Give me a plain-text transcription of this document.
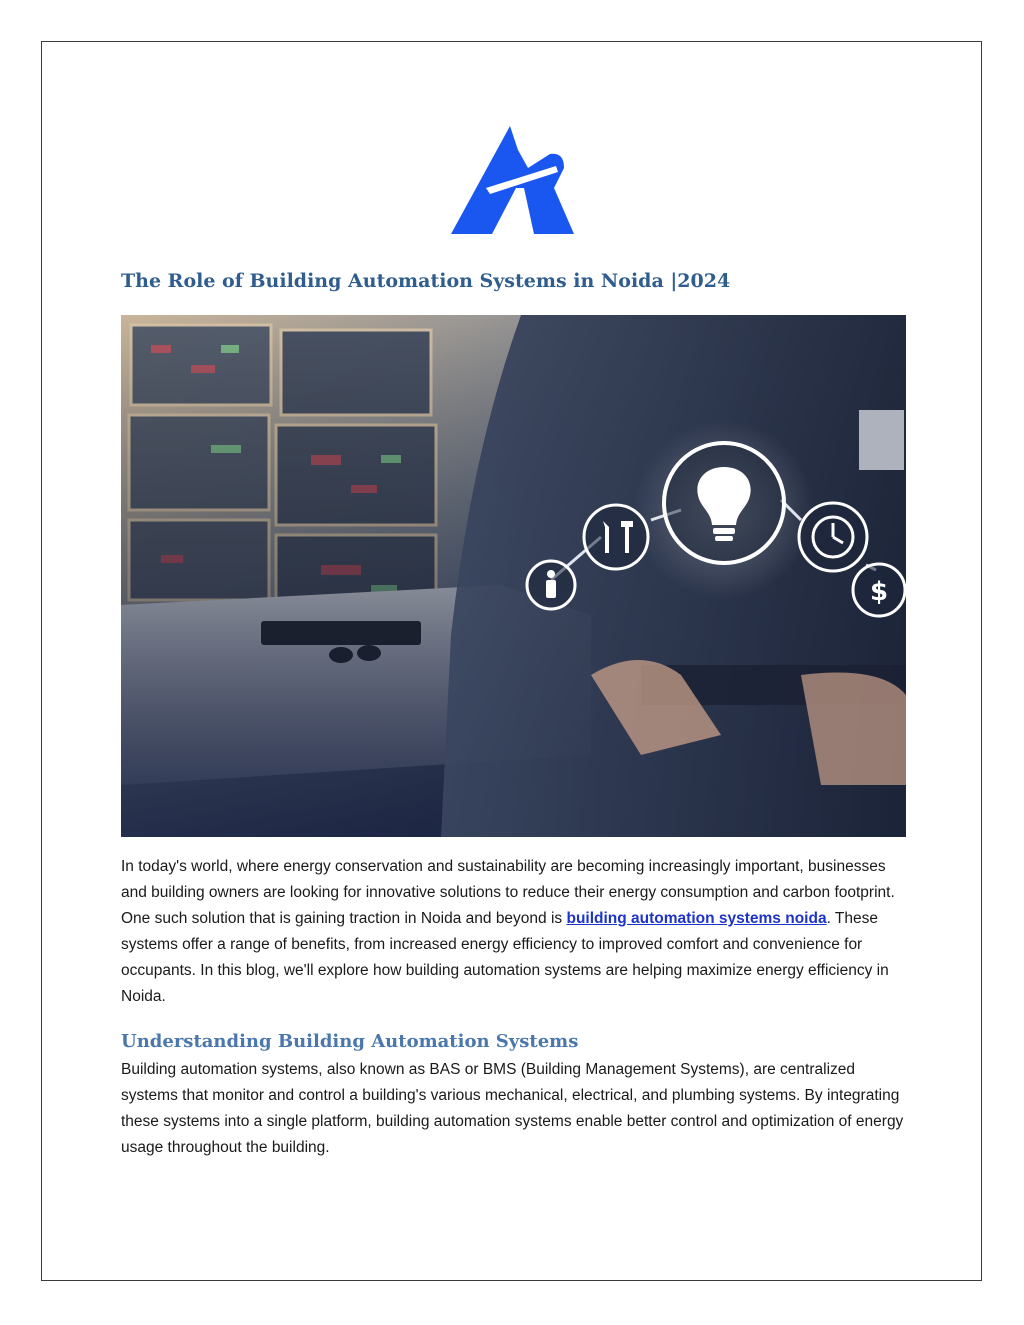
The Role of Building Automation Systems in Noida |2024
$

In today's world, where energy conservation and sustainability are becoming increasingly important, businesses and building owners are looking for innovative solutions to reduce their energy consumption and carbon footprint. One such solution that is gaining traction in Noida and beyond is building automation systems noida. These systems offer a range of benefits, from increased energy efficiency to improved comfort and convenience for occupants. In this blog, we'll explore how building automation systems are helping maximize energy efficiency in Noida.

Understanding Building Automation Systems

Building automation systems, also known as BAS or BMS (Building Management Systems), are centralized systems that monitor and control a building's various mechanical, electrical, and plumbing systems. By integrating these systems into a single platform, building automation systems enable better control and optimization of energy usage throughout the building.
